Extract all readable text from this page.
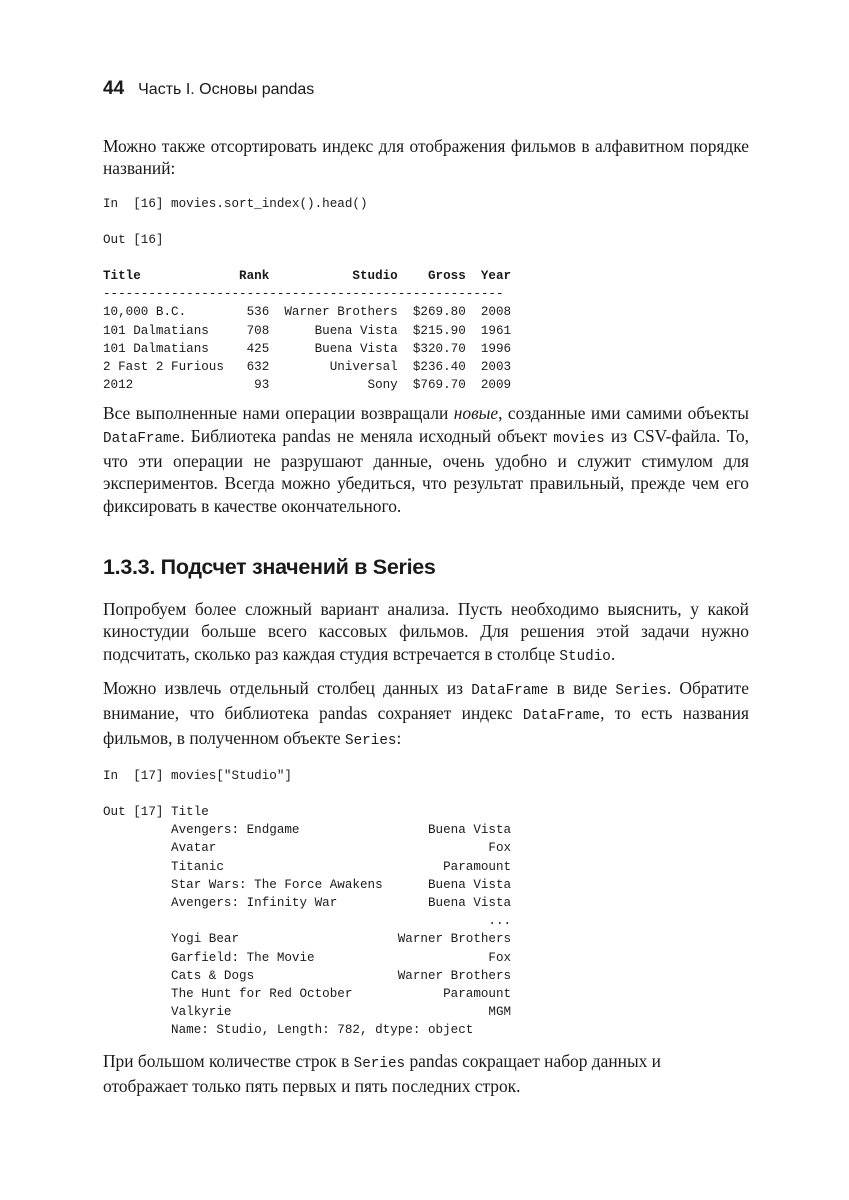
44 Часть I. Основы pandas

Можно также отсортировать индекс для отображения фильмов в алфавитном порядке названий:

In  [16] movies.sort_index().head()
Out [16]
Title             Rank           Studio    Gross  Year
-----------------------------------------------------
10,000 B.C.        536  Warner Brothers  $269.80  2008
101 Dalmatians     708      Buena Vista  $215.90  1961
101 Dalmatians     425      Buena Vista  $320.70  1996
2 Fast 2 Furious   632        Universal  $236.40  2003
2012                93             Sony  $769.70  2009

Все выполненные нами операции возвращали новые, созданные ими самими объекты DataFrame. Библиотека pandas не меняла исходный объект movies из CSV-файла. То, что эти операции не разрушают данные, очень удобно и служит стимулом для экспериментов. Всегда можно убедиться, что результат правильный, прежде чем его фиксировать в качестве окончательного.

1.3.3. Подсчет значений в Series

Попробуем более сложный вариант анализа. Пусть необходимо выяснить, у какой киностудии больше всего кассовых фильмов. Для решения этой задачи нужно подсчитать, сколько раз каждая студия встречается в столбце Studio.

Можно извлечь отдельный столбец данных из DataFrame в виде Series. Обратите внимание, что библиотека pandas сохраняет индекс DataFrame, то есть названия фильмов, в полученном объекте Series:

In  [17] movies["Studio"]
Out [17] Title
Avengers: Endgame                 Buena Vista
Avatar                                    Fox
Titanic                             Paramount
Star Wars: The Force Awakens      Buena Vista
Avengers: Infinity War            Buena Vista
...
Yogi Bear                     Warner Brothers
Garfield: The Movie                       Fox
Cats & Dogs                   Warner Brothers
The Hunt for Red October            Paramount
Valkyrie                                  MGM
Name: Studio, Length: 782, dtype: object

При большом количестве строк в Series pandas сокращает набор данных и отображает только пять первых и пять последних строк.
